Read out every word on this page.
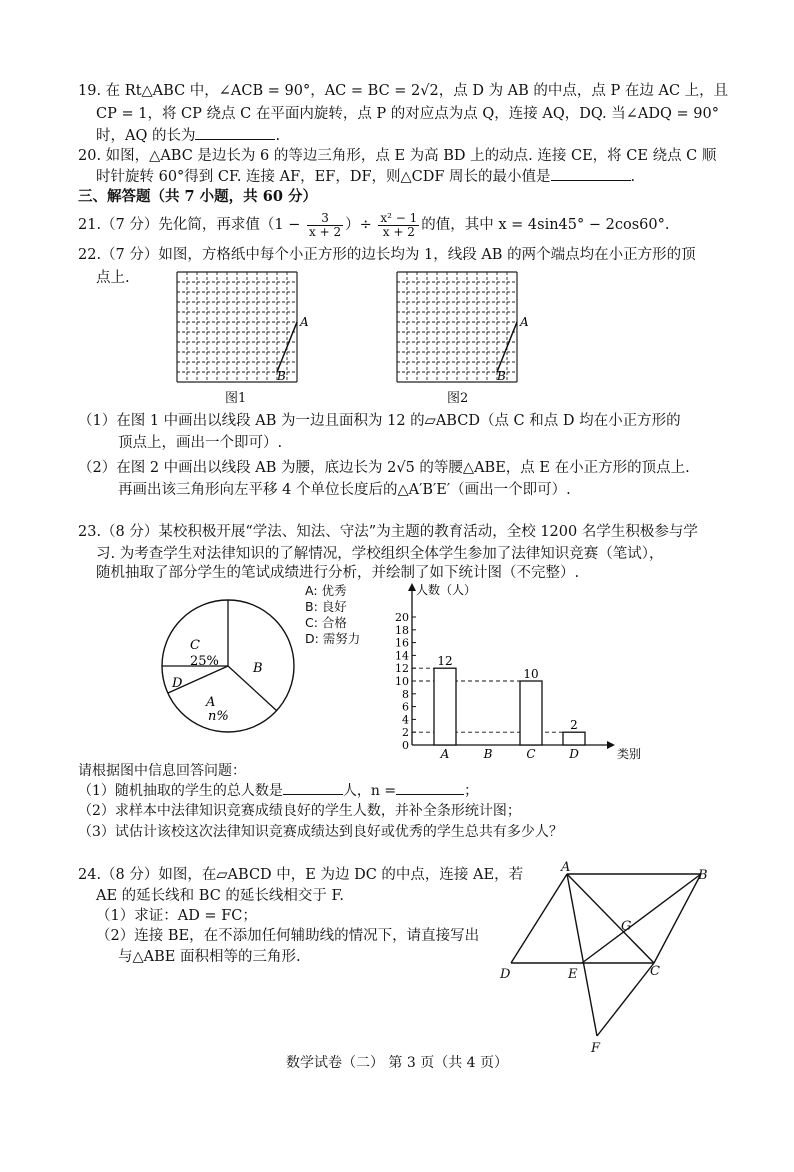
19. 在 Rt△ABC 中，∠ACB = 90°，AC = BC = 2√2，点 D 为 AB 的中点，点 P 在边 AC 上，且
CP = 1，将 CP 绕点 C 在平面内旋转，点 P 的对应点为点 Q，连接 AQ，DQ. 当∠ADQ = 90°
时，AQ 的长为	.
20. 如图，△ABC 是边长为 6 的等边三角形，点 E 为高 BD 上的动点. 连接 CE，将 CE 绕点 C 顺
时针旋转 60°得到 CF. 连接 AF，EF，DF，则△CDF 周长的最小值是	.
三、解答题（共 7 小题，共 60 分）
21.（7 分）先化简，再求值（$1 - \frac{3}{x + 2}$ ）÷ $\frac{\text{x² − 1}}{x + 2}$ 的值，其中 x = 4sin45° − 2cos60°.
22.（7 分）如图，方格纸中每个小正方形的边长均为 1，线段 AB 的两个端点均在小正方形的顶
点上.
A
B
A
B
图1	图2
（1）在图 1 中画出以线段 AB 为一边且面积为 12 的▱ABCD（点 C 和点 D 均在小正方形的
顶点上，画出一个即可）.
（2）在图 2 中画出以线段 AB 为腰，底边长为 2√5 的等腰△ABE，点 E 在小正方形的顶点上.
再画出该三角形向左平移 4 个单位长度后的△A′B′E′（画出一个即可）.
23.（8 分）某校积极开展“学法、知法、守法”为主题的教育活动，全校 1200 名学生积极参与学
习. 为考查学生对法律知识的了解情况，学校组织全体学生参加了法律知识竞赛（笔试），
随机抽取了部分学生的笔试成绩进行分析，并绘制了如下统计图（不完整）.
C
25%	B
D
A
n%
A: 优秀
B: 良好
C: 合格
D: 需努力
人数（人）
0
2
4
6
8
10
12
14
16
18
20
12
A	B
10
C
2
D	类别
请根据图中信息回答问题：
（1）随机抽取的学生的总人数是	人，n =	；
（2）求样本中法律知识竞赛成绩良好的学生人数，并补全条形统计图；
（3）试估计该校这次法律知识竞赛成绩达到良好或优秀的学生总共有多少人？
24.（8 分）如图，在▱ABCD 中，E 为边 DC 的中点，连接 AE，若
AE 的延长线和 BC 的延长线相交于 F.
（1）求证：AD = FC；
（2）连接 BE，在不添加任何辅助线的情况下，请直接写出
与△ABE 面积相等的三角形.
A
B
G
D	E	C
F
数学试卷（二） 第 3 页（共 4 页）
